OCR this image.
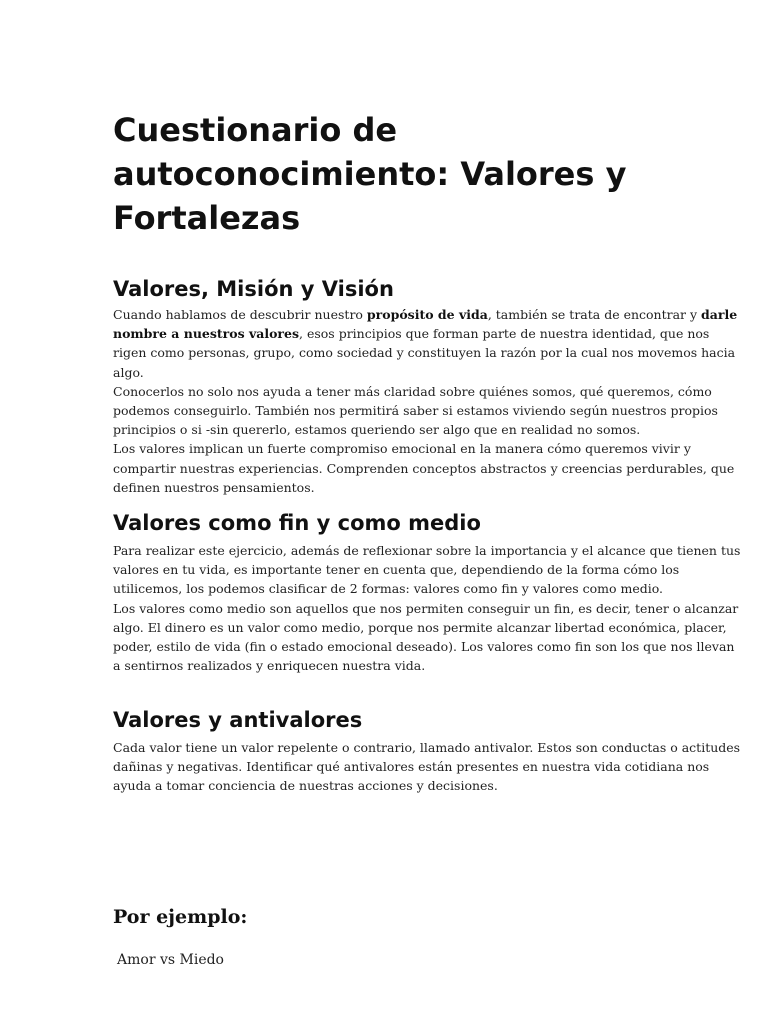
Cuestionario de autoconocimiento: Valores y Fortalezas
Valores, Misión y Visión

Cuando hablamos de descubrir nuestro propósito de vida, también se trata de encontrar y darle nombre a nuestros valores, esos principios que forman parte de nuestra identidad, que nos rigen como personas, grupo, como sociedad y constituyen la razón por la cual nos movemos hacia algo.

Conocerlos no solo nos ayuda a tener más claridad sobre quiénes somos, qué queremos, cómo podemos conseguirlo. También nos permitirá saber si estamos viviendo según nuestros propios principios o si -sin quererlo, estamos queriendo ser algo que en realidad no somos.

Los valores implican un fuerte compromiso emocional en la manera cómo queremos vivir y compartir nuestras experiencias. Comprenden conceptos abstractos y creencias perdurables, que definen nuestros pensamientos.

Valores como fin y como medio

Para realizar este ejercicio, además de reflexionar sobre la importancia y el alcance que tienen tus valores en tu vida, es importante tener en cuenta que, dependiendo de la forma cómo los utilicemos, los podemos clasificar de 2 formas: valores como fin y valores como medio.

Los valores como medio son aquellos que nos permiten conseguir un fin, es decir, tener o alcanzar algo. El dinero es un valor como medio, porque nos permite alcanzar libertad económica, placer, poder, estilo de vida (fin o estado emocional deseado). Los valores como fin son los que nos llevan a sentirnos realizados y enriquecen nuestra vida.

Valores y antivalores

Cada valor tiene un valor repelente o contrario, llamado antivalor. Estos son conductas o actitudes dañinas y negativas. Identificar qué antivalores están presentes en nuestra vida cotidiana nos ayuda a tomar conciencia de nuestras acciones y decisiones.

Por ejemplo:

Amor vs Miedo
